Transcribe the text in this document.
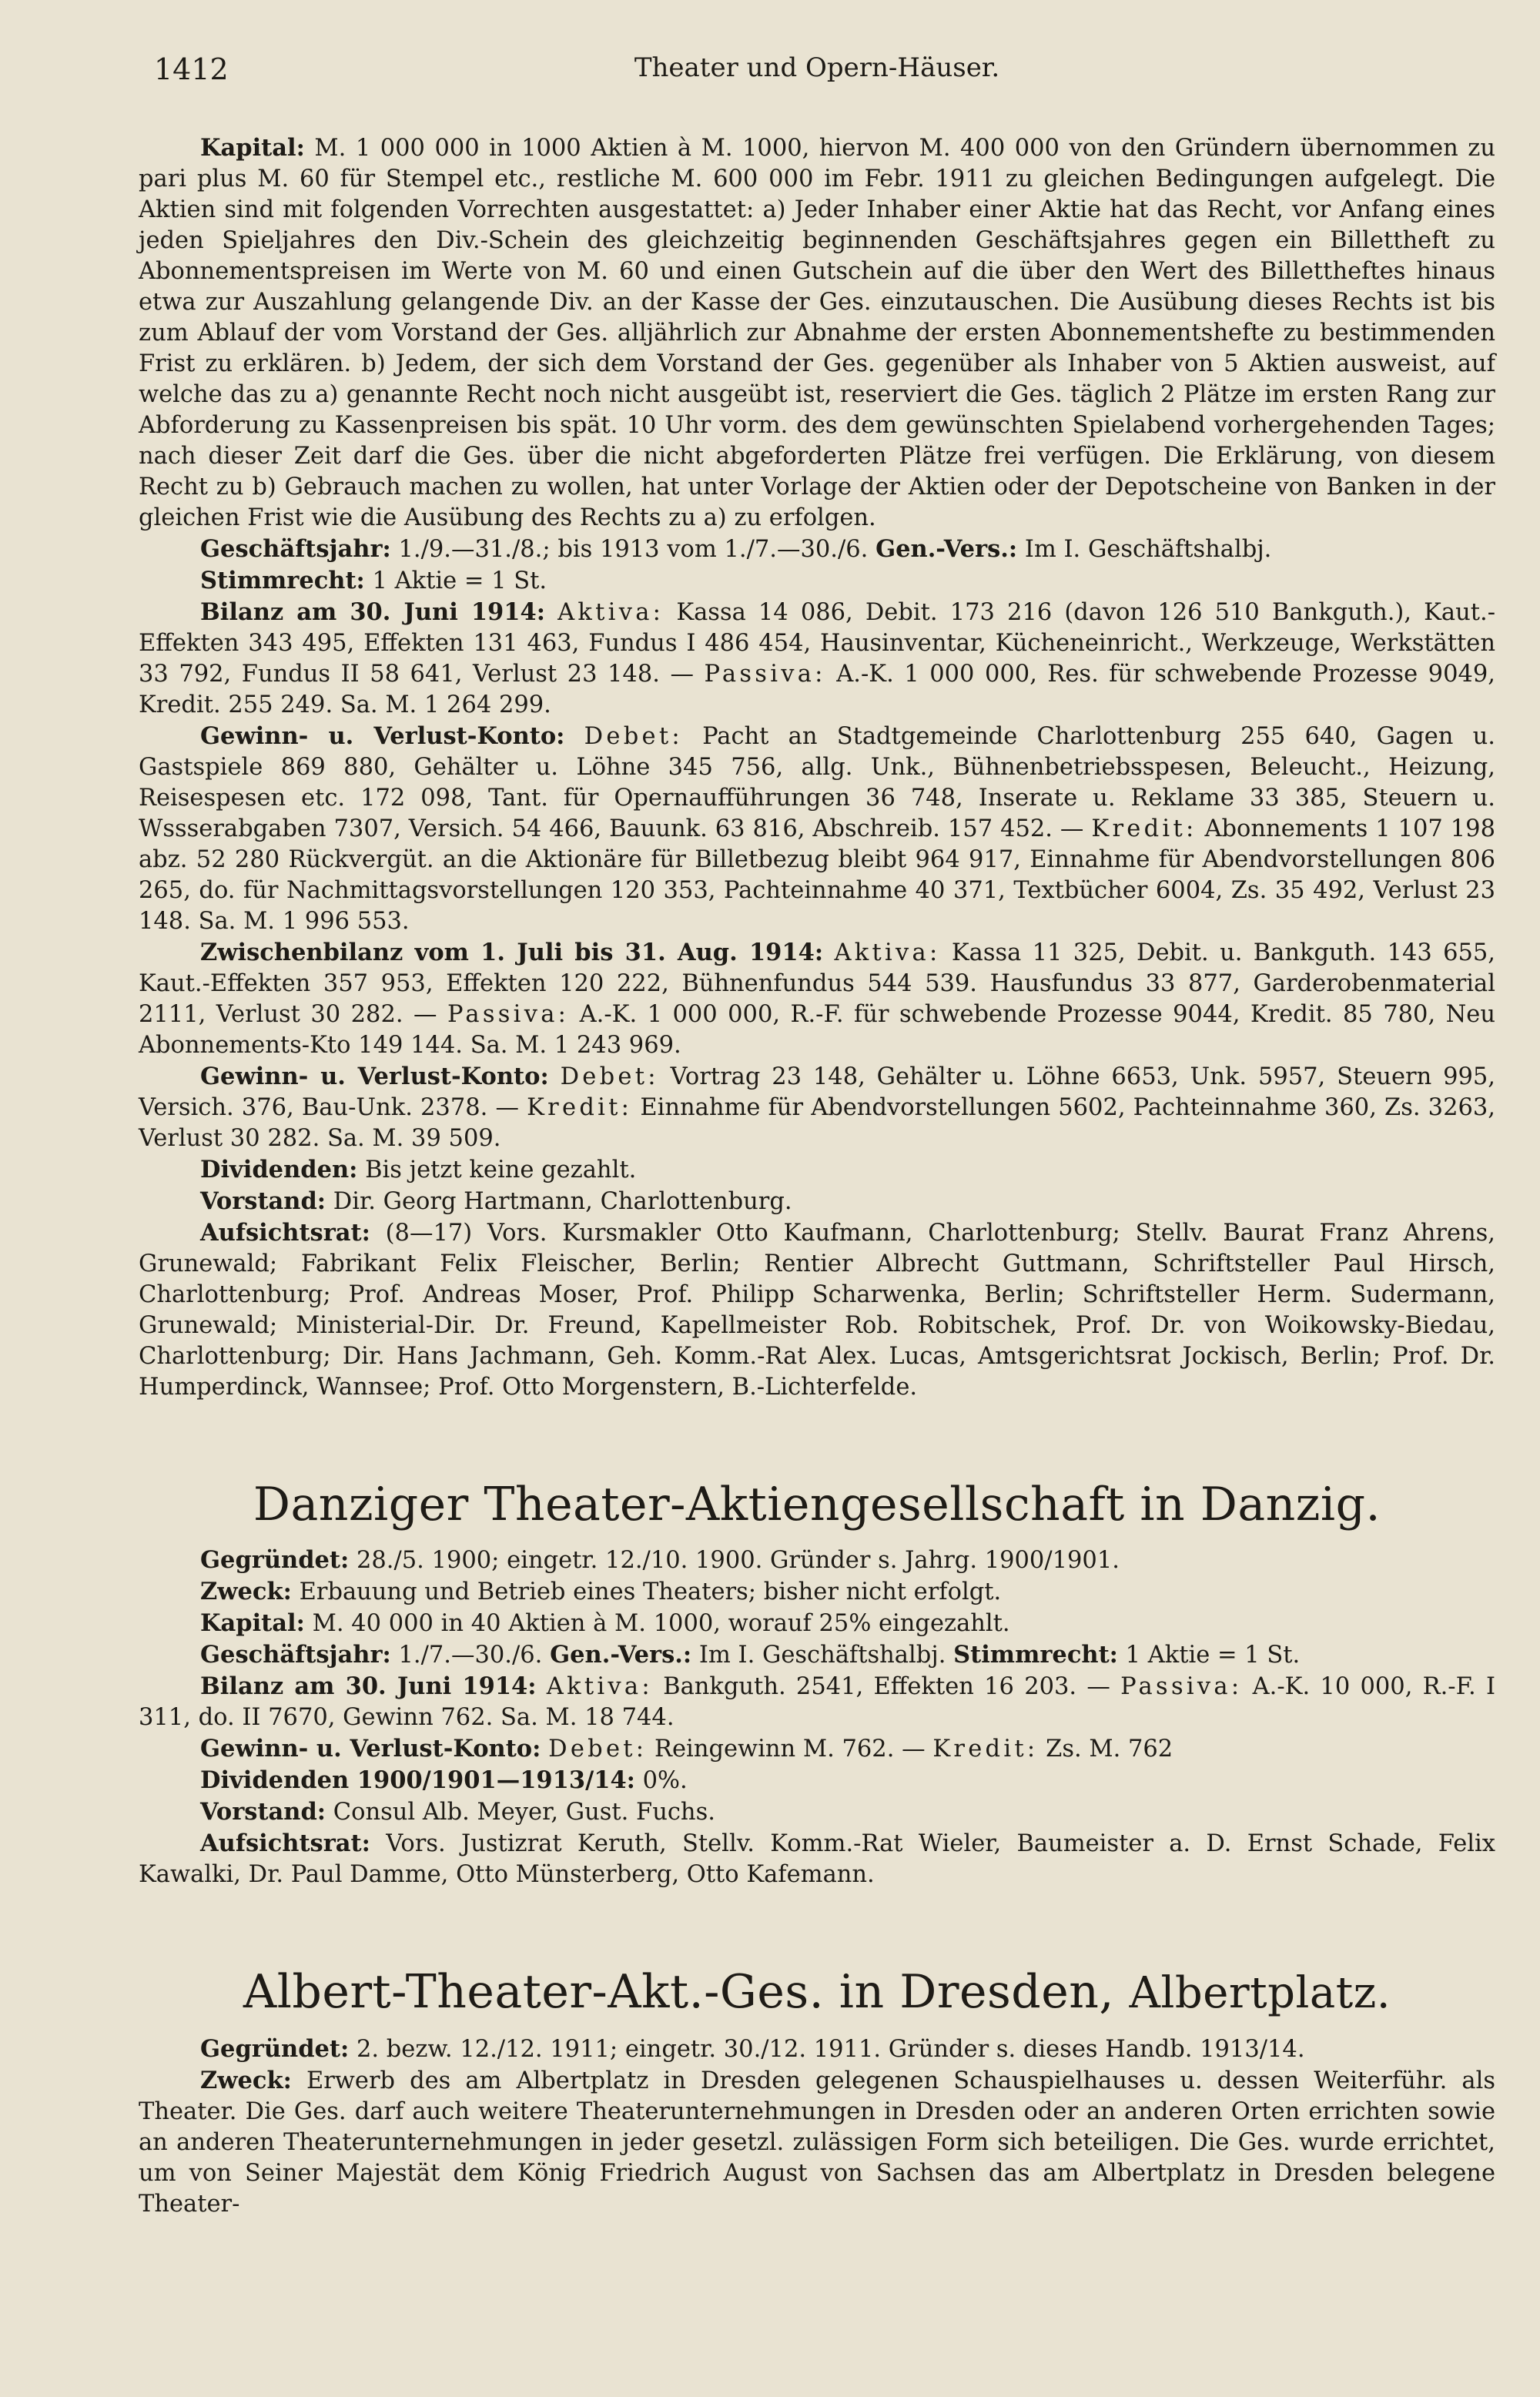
1412	Theater und Opern-Häuser.

Kapital: M. 1 000 000 in 1000 Aktien à M. 1000, hiervon M. 400 000 von den Gründern übernommen zu pari plus M. 60 für Stempel etc., restliche M. 600 000 im Febr. 1911 zu gleichen Bedingungen aufgelegt. Die Aktien sind mit folgenden Vorrechten ausgestattet: a) Jeder Inhaber einer Aktie hat das Recht, vor Anfang eines jeden Spieljahres den Div.-Schein des gleichzeitig beginnenden Geschäftsjahres gegen ein Billettheft zu Abonnementspreisen im Werte von M. 60 und einen Gutschein auf die über den Wert des Billettheftes hinaus etwa zur Auszahlung gelangende Div. an der Kasse der Ges. einzutauschen. Die Ausübung dieses Rechts ist bis zum Ablauf der vom Vorstand der Ges. alljährlich zur Abnahme der ersten Abonnementshefte zu bestimmenden Frist zu erklären. b) Jedem, der sich dem Vorstand der Ges. gegenüber als Inhaber von 5 Aktien ausweist, auf welche das zu a) genannte Recht noch nicht ausgeübt ist, reserviert die Ges. täglich 2 Plätze im ersten Rang zur Abforderung zu Kassenpreisen bis spät. 10 Uhr vorm. des dem gewünschten Spielabend vorhergehenden Tages; nach dieser Zeit darf die Ges. über die nicht abgeforderten Plätze frei verfügen. Die Erklärung, von diesem Recht zu b) Gebrauch machen zu wollen, hat unter Vorlage der Aktien oder der Depotscheine von Banken in der gleichen Frist wie die Ausübung des Rechts zu a) zu erfolgen.

Geschäftsjahr: 1./9.—31./8.; bis 1913 vom 1./7.—30./6. Gen.-Vers.: Im I. Geschäftshalbj.

Stimmrecht: 1 Aktie = 1 St.

Bilanz am 30. Juni 1914: Aktiva: Kassa 14 086, Debit. 173 216 (davon 126 510 Bankguth.), Kaut.-Effekten 343 495, Effekten 131 463, Fundus I 486 454, Hausinventar, Kücheneinricht., Werkzeuge, Werkstätten 33 792, Fundus II 58 641, Verlust 23 148. — Passiva: A.-K. 1 000 000, Res. für schwebende Prozesse 9049, Kredit. 255 249. Sa. M. 1 264 299.

Gewinn- u. Verlust-Konto: Debet: Pacht an Stadtgemeinde Charlottenburg 255 640, Gagen u. Gastspiele 869 880, Gehälter u. Löhne 345 756, allg. Unk., Bühnenbetriebsspesen, Beleucht., Heizung, Reisespesen etc. 172 098, Tant. für Opernaufführungen 36 748, Inserate u. Reklame 33 385, Steuern u. Wssserabgaben 7307, Versich. 54 466, Bauunk. 63 816, Abschreib. 157 452. — Kredit: Abonnements 1 107 198 abz. 52 280 Rückvergüt. an die Aktionäre für Billetbezug bleibt 964 917, Einnahme für Abendvorstellungen 806 265, do. für Nachmittagsvorstellungen 120 353, Pachteinnahme 40 371, Textbücher 6004, Zs. 35 492, Verlust 23 148. Sa. M. 1 996 553.

Zwischenbilanz vom 1. Juli bis 31. Aug. 1914: Aktiva: Kassa 11 325, Debit. u. Bankguth. 143 655, Kaut.-Effekten 357 953, Effekten 120 222, Bühnenfundus 544 539. Hausfundus 33 877, Garderobenmaterial 2111, Verlust 30 282. — Passiva: A.-K. 1 000 000, R.-F. für schwebende Prozesse 9044, Kredit. 85 780, Neu Abonnements-Kto 149 144. Sa. M. 1 243 969.

Gewinn- u. Verlust-Konto: Debet: Vortrag 23 148, Gehälter u. Löhne 6653, Unk. 5957, Steuern 995, Versich. 376, Bau-Unk. 2378. — Kredit: Einnahme für Abendvorstellungen 5602, Pachteinnahme 360, Zs. 3263, Verlust 30 282. Sa. M. 39 509.

Dividenden: Bis jetzt keine gezahlt.

Vorstand: Dir. Georg Hartmann, Charlottenburg.

Aufsichtsrat: (8—17) Vors. Kursmakler Otto Kaufmann, Charlottenburg; Stellv. Baurat Franz Ahrens, Grunewald; Fabrikant Felix Fleischer, Berlin; Rentier Albrecht Guttmann, Schriftsteller Paul Hirsch, Charlottenburg; Prof. Andreas Moser, Prof. Philipp Scharwenka, Berlin; Schriftsteller Herm. Sudermann, Grunewald; Ministerial-Dir. Dr. Freund, Kapellmeister Rob. Robitschek, Prof. Dr. von Woikowsky-Biedau, Charlottenburg; Dir. Hans Jachmann, Geh. Komm.-Rat Alex. Lucas, Amtsgerichtsrat Jockisch, Berlin; Prof. Dr. Humperdinck, Wannsee; Prof. Otto Morgenstern, B.-Lichterfelde.

Danziger Theater-Aktiengesellschaft in Danzig.

Gegründet: 28./5. 1900; eingetr. 12./10. 1900. Gründer s. Jahrg. 1900/1901.

Zweck: Erbauung und Betrieb eines Theaters; bisher nicht erfolgt.

Kapital: M. 40 000 in 40 Aktien à M. 1000, worauf 25% eingezahlt.

Geschäftsjahr: 1./7.—30./6. Gen.-Vers.: Im I. Geschäftshalbj. Stimmrecht: 1 Aktie = 1 St.

Bilanz am 30. Juni 1914: Aktiva: Bankguth. 2541, Effekten 16 203. — Passiva: A.-K. 10 000, R.-F. I 311, do. II 7670, Gewinn 762. Sa. M. 18 744.

Gewinn- u. Verlust-Konto: Debet: Reingewinn M. 762. — Kredit: Zs. M. 762

Dividenden 1900/1901—1913/14: 0%.

Vorstand: Consul Alb. Meyer, Gust. Fuchs.

Aufsichtsrat: Vors. Justizrat Keruth, Stellv. Komm.-Rat Wieler, Baumeister a. D. Ernst Schade, Felix Kawalki, Dr. Paul Damme, Otto Münsterberg, Otto Kafemann.

Albert-Theater-Akt.-Ges. in Dresden, Albertplatz.

Gegründet: 2. bezw. 12./12. 1911; eingetr. 30./12. 1911. Gründer s. dieses Handb. 1913/14.

Zweck: Erwerb des am Albertplatz in Dresden gelegenen Schauspielhauses u. dessen Weiterführ. als Theater. Die Ges. darf auch weitere Theaterunternehmungen in Dresden oder an anderen Orten errichten sowie an anderen Theaterunternehmungen in jeder gesetzl. zulässigen Form sich beteiligen. Die Ges. wurde errichtet, um von Seiner Majestät dem König Friedrich August von Sachsen das am Albertplatz in Dresden belegene Theater-
